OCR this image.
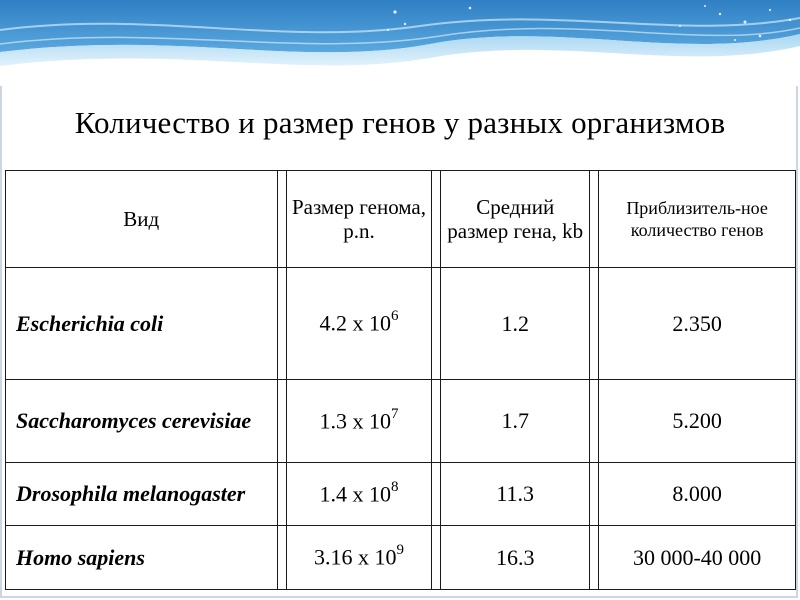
Количество и размер генов у разных организмов
Вид		Размер генома, p.n.		Средний размер гена, kb		Приблизитель-ное количество генов
Escherichia coli		4.2 x $10^6$		1.2		2.350
Saccharomyces cerevisiae		1.3 x $10^7$		1.7		5.200
Drosophila melanogaster		1.4 x $10^8$		11.3		8.000
Homo sapiens		3.16 x $10^9$		16.3		30 000-40 000
